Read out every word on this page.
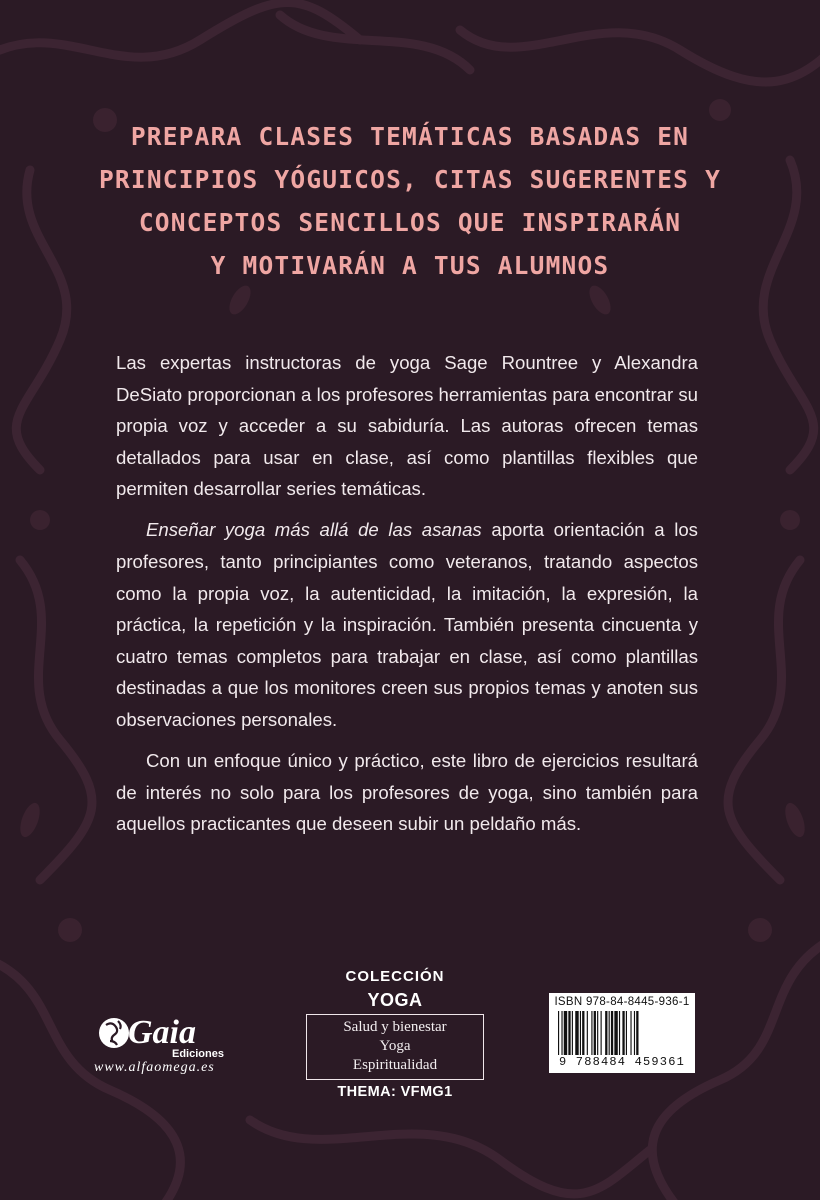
PREPARA CLASES TEMÁTICAS BASADAS EN
PRINCIPIOS YÓGUICOS, CITAS SUGERENTES Y
CONCEPTOS SENCILLOS QUE INSPIRARÁN
Y MOTIVARÁN A TUS ALUMNOS

Las expertas instructoras de yoga Sage Rountree y Alexandra DeSiato proporcionan a los profesores herramientas para encontrar su propia voz y acceder a su sabiduría. Las autoras ofrecen temas detallados para usar en clase, así como plantillas flexibles que permiten desarrollar series temáticas.

Enseñar yoga más allá de las asanas aporta orientación a los profesores, tanto principiantes como veteranos, tratando aspectos como la propia voz, la autenticidad, la imitación, la expresión, la práctica, la repetición y la inspiración. También presenta cincuenta y cuatro temas completos para trabajar en clase, así como plantillas destinadas a que los monitores creen sus propios temas y anoten sus observaciones personales.

Con un enfoque único y práctico, este libro de ejercicios resultará de interés no solo para los profesores de yoga, sino también para aquellos practicantes que deseen subir un peldaño más.

Gaia
Ediciones
www.alfaomega.es
COLECCIÓN
YOGA
Salud y bienestar
Yoga
Espiritualidad
THEMA: VFMG1
ISBN 978-84-8445-936-1
9 788484 459361
